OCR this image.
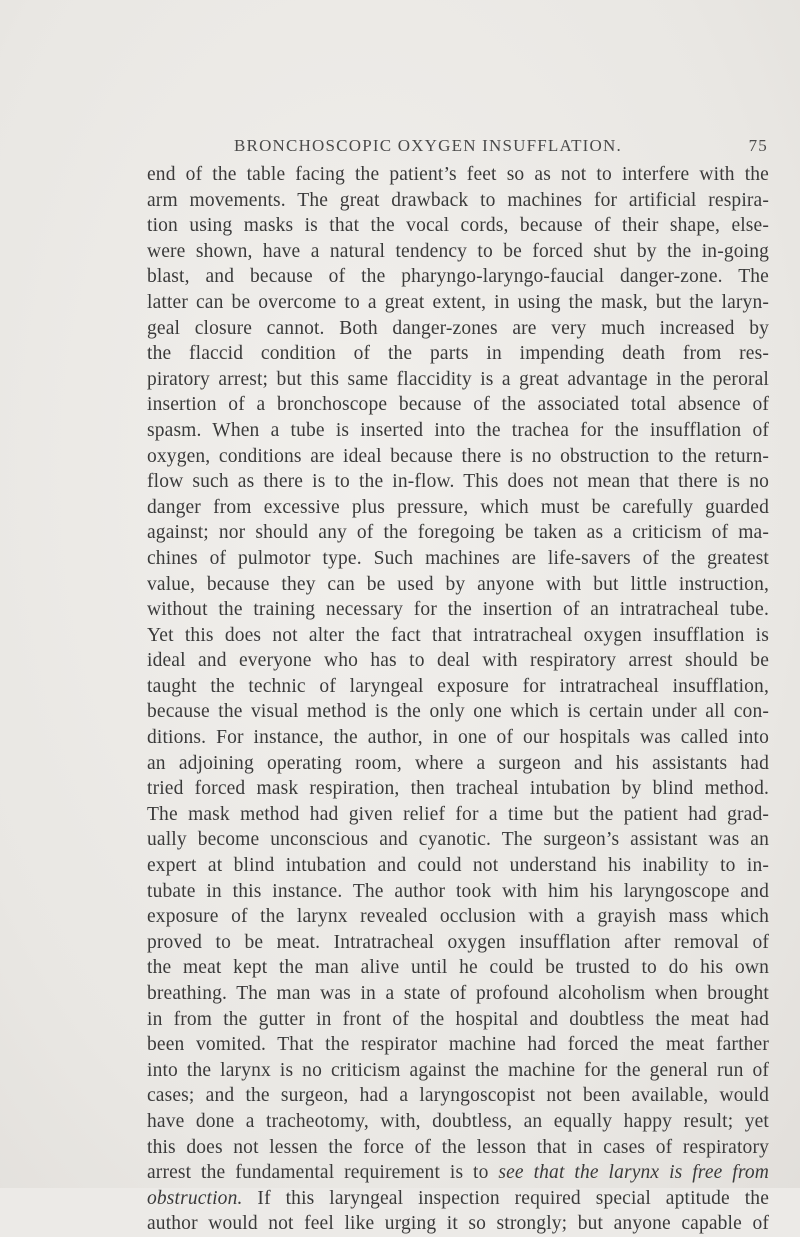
BRONCHOSCOPIC OXYGEN INSUFFLATION.	75
end of the table facing the patient’s feet so as not to interfere with the
arm movements. The great drawback to machines for artificial respira-
tion using masks is that the vocal cords, because of their shape, else-
were shown, have a natural tendency to be forced shut by the in-going
blast, and because of the pharyngo-laryngo-faucial danger-zone. The
latter can be overcome to a great extent, in using the mask, but the laryn-
geal closure cannot. Both danger-zones are very much increased by
the flaccid condition of the parts in impending death from res-
piratory arrest; but this same flaccidity is a great advantage in the peroral
insertion of a bronchoscope because of the associated total absence of
spasm. When a tube is inserted into the trachea for the insufflation of
oxygen, conditions are ideal because there is no obstruction to the return-
flow such as there is to the in-flow. This does not mean that there is no
danger from excessive plus pressure, which must be carefully guarded
against; nor should any of the foregoing be taken as a criticism of ma-
chines of pulmotor type. Such machines are life-savers of the greatest
value, because they can be used by anyone with but little instruction,
without the training necessary for the insertion of an intratracheal tube.
Yet this does not alter the fact that intratracheal oxygen insufflation is
ideal and everyone who has to deal with respiratory arrest should be
taught the technic of laryngeal exposure for intratracheal insufflation,
because the visual method is the only one which is certain under all con-
ditions. For instance, the author, in one of our hospitals was called into
an adjoining operating room, where a surgeon and his assistants had
tried forced mask respiration, then tracheal intubation by blind method.
The mask method had given relief for a time but the patient had grad-
ually become unconscious and cyanotic. The surgeon’s assistant was an
expert at blind intubation and could not understand his inability to in-
tubate in this instance. The author took with him his laryngoscope and
exposure of the larynx revealed occlusion with a grayish mass which
proved to be meat. Intratracheal oxygen insufflation after removal of
the meat kept the man alive until he could be trusted to do his own
breathing. The man was in a state of profound alcoholism when brought
in from the gutter in front of the hospital and doubtless the meat had
been vomited. That the respirator machine had forced the meat farther
into the larynx is no criticism against the machine for the general run of
cases; and the surgeon, had a laryngoscopist not been available, would
have done a tracheotomy, with, doubtless, an equally happy result; yet
this does not lessen the force of the lesson that in cases of respiratory
arrest the fundamental requirement is to see that the larynx is free from
obstruction. If this laryngeal inspection required special aptitude the
author would not feel like urging it so strongly; but anyone capable of
